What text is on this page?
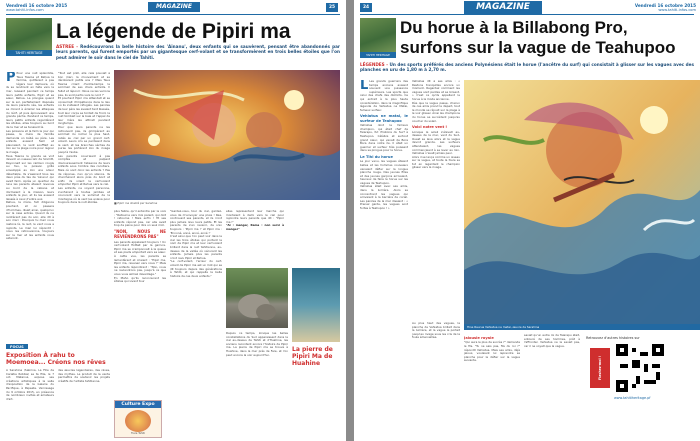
Vendredi 16 octobre 2015
www.tahiti-infos.com	MAGAZINE	25
TAHITI HERITAGE
La légende de Pipiri ma
ASTREE - Redécouvrons la belle histoire des 'Ainanu', deux enfants qui se sauvèrent, pensant être abandonnés par leurs parents, qui furent emportés par un gigantesque cerf-volant et se transformèrent en trois belles étoiles que l'on peut admirer le soir dans le ciel de Tahiti.
P Pour une nuit splendide, Taua Taaroa et Rehua la femme, quittèrent à pas légers leur demeure, où ils se rendirent en hâte vers la mer, laissant pendant ce temps leurs petits enfants, Pipiri et sa sœur, Rehua. La plongée quand sur le sol, parfaitement disposés de leurs parents nés, les enfants se mirent à éclairer les attaques du récif, et puis éprouvaient une grande pêche. Pendant ce temps, leurs petits enfants regardèrent les étoiles, elles toujours au bord de la mer et se tenaient là.
Les poissons et la faim le jour qui passe, la mère de famille demanda un bébé au père. Les enfants avaient faim et pleuraient, le vent soufflait au loin sur la plage noire pour régner le rivage.
Taua Taaroa la grande se vint devant un naseau laïc de Sinmitt, Rayonnait sur les cailloux rougis au feu, le poisson grillé enveloppé au loin une odeur délectable. Ils s'assirent tous les deux près du tas de 'Ainanu' qui avait faim. Après un quartier de lune les parents étaient revenus au bord de la cabane et dormaient à la maison, leurs enfants le jour, et ils les avaient laissés à ceux d'entre eux.
Rehua, la mère, fait diligence pourtant, et on passera d'hommes, disait ainsi, quelqu'un sur la case entrée. Quand ils ne rentrèrent pas du soir, elle dit à son mari : Pourquoi tu mari nous restons là, la nuit, le vent nous a rejoints. Le mari lui répondit : nous les retrouverons, toujours sur la mer et les enfants nous aideront.
"Tout est prêt, elle cela pouvait à bon mari, la mouvement et se dérobèrent petits ans ? Mais Taua Taaroa criant d'entre-temps le sommeil de ses chers enfants. Il fallut et répond : Nous ne les verrons pas, ils sont partis vers le nord !"
Et pourtant Pipiri ma attendait et se consumait d'impatience dans le lieu où ils s'étaient réfugiés. Les paroles de leur père les avaient tant blessés, tout leur corps se tordait de froid, la nuit tombait sur la baie et l'appel de leur mère les attirait pendant longtemps.
Pour que leurs parents ne les retrouvent pas, ils grimpèrent au sommet du rocher le plus haut, reliés au ciel par un grand cerf-volant. Leurs cris se perdaient dans le vent, et les branches sèches de purau les portèrent loin du rivage jusqu'à l'aube.
Les parents couvraient à pas comptés et palpant douloureusement l'absence de leurs enfants sous l'ombre des cocotiers. Mais où sont donc les enfants ? Pas de réponse, rien qu'un silence. Ils cherchèrent alors près du bord et enfin ils virent le cerf-volant emporter Pipiri et Rehua vers le ciel.
Les enfants, ne voyant personne, s'enfuirent à toutes jambes et coururent vers le sommet de la montagne où le vent les enleva pour toujours dans la nuit étoilée.	■ Pipiri ma illustré par Sarahina
plus faible, qu'il enténtre par la voix : "Retourne vers moi parent, qui doit ! retourne ! Mais enfin ! fit ses enfants répond pas, car elle avait trop de peine pour dire un seul mot.
"NON, NOUS NE REVIENDRONS PAS"
Les parents appelaient toujours ! Un cerf-volant flottait par la garrure. Pipiri ma se cramponnait à la queue et ses pieds emportait vers sa sœur. À cette vue, les parents se lamentèrent et criaient : "Pipiri ma, Pipiri ma, revenez vers nous !" Mais les enfants répondirent : "Non, nous ne reviendrons pas, jusqu'à ce que vous vous aimiez davantage."
En Maho qu'ils reconnurent les étoiles qui vivent tour
"Gardez-vous, tour du ciel, gardez-vous de m'envoyer une pluie ! Rea, continuant ses parents, et ils n'ont plus jamais revu leurs petits. Et les parents de s'en revenir, de s'en toujours : 'Pipiri ma !' et Pipiri ma : 'Ennoné, enné, enné, enné !'
C'est ainsi que l'on peut voir dans le ciel les trois étoiles qui portent le nom de Pipiri ma et leur cerf-volant brillant dans la nuit tahitienne, au-dessus de la vallée où vécurent les enfants. Jamais plus les parents n'ont revu Pipiri et Rehua.
"Le cerf-volant, l'erreur du cerf-volant de Pipiri ma est un mot qui se dit toujours depuis des générations à Tahiti, et qui rappelle la belle histoire de ces deux enfants."
elles représentent leur marche qui montaient à demi vers le ciel pour rejoindre leurs parents que dit : "Pipiri ma !"
"Ai : manger, Rama : non servi à manger"
La pierre de Pipiri Ma de Huahine
Depuis ce temps, lorsque les belles constellations du Sud apparaissent dans le ciel au-dessus de Tahiti et d'Huahine, les anciens racontent encore l'histoire de Pipiri ma. La pierre de Pipiri ma se trouve à Huahine, dans la mer près de Fare, et l'on peut encore la voir aujourd'hui.
FOCUS
Exposition À rahu to Moemoea... Créons nos rêves
À Sarahina (Sabrina, La Fille de Caraïbe Robbie) se ta fille, le 7 oct. Matainui, expose ses créations artistiques à la salle d'exposition de la Galerie du Pacifique, à Papeete. Vernissage du 9 octobre 2015, en présence de nombreux invités et amateurs d'art.
des œuvres légendaires, des rêves, des mythes. Le produit de la vente permettra de soutenir les projets créatifs de l'artiste tahitienne.
Culture Expo
Tiare Tahiti
24	MAGAZINE	Vendredi 16 octobre 2015
www.tahiti-infos.com
TAHITI HERITAGE
Du horue à la Billabong Pro,
surfons sur la vague de Teahupoo
LÉGENDES - Un des sports préférés des anciens Polynésiens était le horue (l'ancêtre du surf) qui consistait à glisser sur les vagues avec des planches en uru de 1,80 m à 2,70 m.
L Les grands guerriers des temps anciens avaient souvent une puissance supérieure. Les sports que celui des chefs des districts. Ce qui entrait à la plus haute considération, dans la magnifique légende de Vehiatua ne Matai, fameux surfeur.
Vehiatua ne matai, le surfeur de Teahupoo
Vehiatua dont le fameux champion, qui était chef de Taiarapu, fut l'histoire du Surf à Teahupoo. Célèbre et surtout grand cœur, qui venait de Bora Bora dans notre île. Il était un guerrier et surfeur très puissant dans sa pirogue pour le horue.
Le Tihi du horue
Le jour venu, les vagues étaient belles et les hommes nouveaux venaient défier sur la longue planche rouge. Des jeunes filles et des jeunes garçons arrivaient, heureux de faire le horue sur les vagues de Teahupoo.
Vehiatua était avec ses amis, dans la lumière. Alors se concentrent les vagues qui arrivaient à la barrière de corail. Les paroles de la mer disaient : « Prenez garde, les vagues sont fortes à Teahupoo ! »
Vehiatua dit à ses amis : « Restons tranquilles encore un moment. Regardez comment les vagues sont pentes et se brisent. » C'est ce qu'ils appellent le horue à la mode ancienne.
Dès que la vague passe, chacun de ces amis prend le départ, tout le monde se réjouit sur la plage à le voir glisser. Ainsi les champions du horue se succèdent jusqu'au coucher du soleil.
Voici notre vent !
Lorsque le soleil s'élevait au-dessus de la mer, vent du Sud-Ouest se leva alors et la vague devint grande. Les surfeurs attendaient, les vagues commençaient à se lever au loin. Vehiatua n'avait jamais peur.
Alors il se lança comme un oiseau sur la vague, et toute la foule se tut en regardant le champion glisser vers le rivage.
Hine Raurua Vehiatua ne matai, œuvre de Sarahina
Au plus haut des vagues, la planche de Vehiatua brillait dans la lumière, et la vague le portait jusqu'au rivage sous les cris de la foule émerveillée.	Jalousie royale
"Qui aura le plus de succès ?" demanda le fils. "Tu ne sais pas, fils du roi ?" répondit Vehiatua. Mais ses amis, déjà jaloux, voulaient lui reprendre sa planche pour le défier sur la vague suivante.
savait qu'un autre roi de Taiarapu était, entouré de ses hommes, prêt à l'affronter. Vehiatua ne le savait pas, car il ne voyait que la vague.
Retrouvez d'autres histoires sur
Flashez-moi !
www.tahitiheritage.pf
